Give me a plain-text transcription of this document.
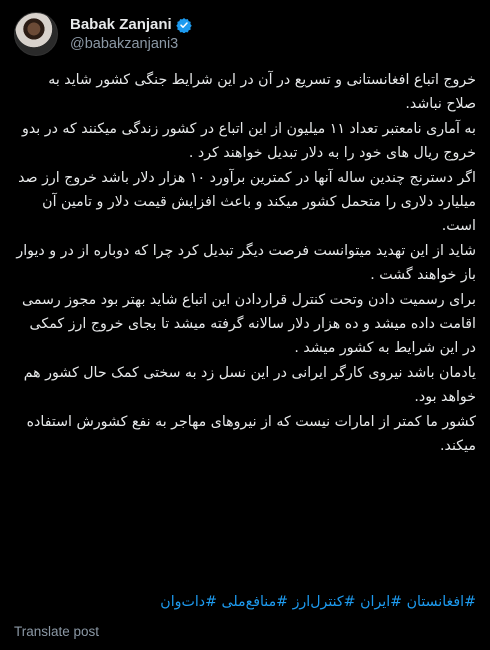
Babak Zanjani
@babakzanjani3

خروج اتباع افغانستانی و تسریع در آن در این شرایط جنگی کشور شاید به صلاح نباشد.

به آماری نامعتبر تعداد ۱۱ میلیون از این اتباع در کشور زندگی میکنند که در بدو خروج ریال های خود را به دلار تبدیل خواهند کرد .

اگر دسترنج چندین ساله آنها در کمترین برآورد ۱۰ هزار دلار باشد خروج ارز صد میلیارد دلاری را متحمل کشور میکند و باعث افزایش قیمت دلار و تامین آن است.

شاید از این تهدید میتوانست فرصت دیگر تبدیل کرد چرا که دوباره از در و دیوار باز خواهند گشت .

برای رسمیت دادن وتحت کنترل قراردادن این اتباع شاید بهتر بود مجوز رسمی اقامت داده میشد و ده هزار دلار سالانه گرفته میشد تا بجای خروج ارز کمکی در این شرایط به کشور میشد .

یادمان باشد نیروی کارگر ایرانی در این نسل زد به سختی کمک حال کشور هم خواهد بود.

کشور ما کمتر از امارات نیست که از نیروهای مهاجر به نفع کشورش استفاده میکند.

#افغانستان #ایران #کنترل‌ارز #منافع‌ملی #دات‌وان
Translate post
